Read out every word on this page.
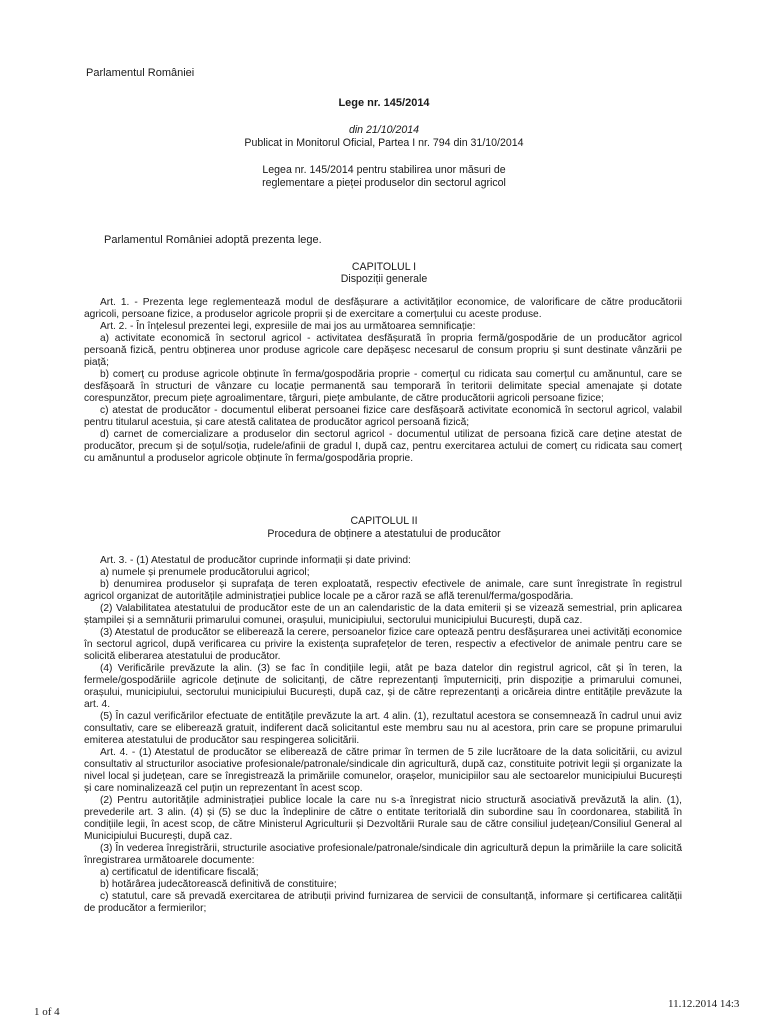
Parlamentul României
Lege nr. 145/2014
din 21/10/2014
Publicat in Monitorul Oficial, Partea I nr. 794 din 31/10/2014
Legea nr. 145/2014 pentru stabilirea unor măsuri de
reglementare a pieței produselor din sectorul agricol
Parlamentul României adoptă prezenta lege.
CAPITOLUL I
Dispoziții generale

Art. 1. - Prezenta lege reglementează modul de desfășurare a activităților economice, de valorificare de către producătorii agricoli, persoane fizice, a produselor agricole proprii și de exercitare a comerțului cu aceste produse.

Art. 2. - În înțelesul prezentei legi, expresiile de mai jos au următoarea semnificație:

a) activitate economică în sectorul agricol - activitatea desfășurată în propria fermă/gospodărie de un producător agricol persoană fizică, pentru obținerea unor produse agricole care depășesc necesarul de consum propriu și sunt destinate vânzării pe piață;

b) comerț cu produse agricole obținute în ferma/gospodăria proprie - comerțul cu ridicata sau comerțul cu amănuntul, care se desfășoară în structuri de vânzare cu locație permanentă sau temporară în teritorii delimitate special amenajate și dotate corespunzător, precum piețe agroalimentare, târguri, piețe ambulante, de către producătorii agricoli persoane fizice;

c) atestat de producător - documentul eliberat persoanei fizice care desfășoară activitate economică în sectorul agricol, valabil pentru titularul acestuia, și care atestă calitatea de producător agricol persoană fizică;

d) carnet de comercializare a produselor din sectorul agricol - documentul utilizat de persoana fizică care deține atestat de producător, precum și de soțul/soția, rudele/afinii de gradul I, după caz, pentru exercitarea actului de comerț cu ridicata sau comerț cu amănuntul a produselor agricole obținute în ferma/gospodăria proprie.

CAPITOLUL II
Procedura de obținere a atestatului de producător

Art. 3. - (1) Atestatul de producător cuprinde informații și date privind:

a) numele și prenumele producătorului agricol;

b) denumirea produselor și suprafața de teren exploatată, respectiv efectivele de animale, care sunt înregistrate în registrul agricol organizat de autoritățile administrației publice locale pe a căror rază se află terenul/ferma/gospodăria.

(2) Valabilitatea atestatului de producător este de un an calendaristic de la data emiterii și se vizează semestrial, prin aplicarea ștampilei și a semnăturii primarului comunei, orașului, municipiului, sectorului municipiului București, după caz.

(3) Atestatul de producător se eliberează la cerere, persoanelor fizice care optează pentru desfășurarea unei activități economice în sectorul agricol, după verificarea cu privire la existența suprafețelor de teren, respectiv a efectivelor de animale pentru care se solicită eliberarea atestatului de producător.

(4) Verificările prevăzute la alin. (3) se fac în condițiile legii, atât pe baza datelor din registrul agricol, cât și în teren, la fermele/gospodăriile agricole deținute de solicitanți, de către reprezentanți împuterniciți, prin dispoziție a primarului comunei, orașului, municipiului, sectorului municipiului București, după caz, și de către reprezentanți a oricăreia dintre entitățile prevăzute la art. 4.

(5) În cazul verificărilor efectuate de entitățile prevăzute la art. 4 alin. (1), rezultatul acestora se consemnează în cadrul unui aviz consultativ, care se eliberează gratuit, indiferent dacă solicitantul este membru sau nu al acestora, prin care se propune primarului emiterea atestatului de producător sau respingerea solicitării.

Art. 4. - (1) Atestatul de producător se eliberează de către primar în termen de 5 zile lucrătoare de la data solicitării, cu avizul consultativ al structurilor asociative profesionale/patronale/sindicale din agricultură, după caz, constituite potrivit legii și organizate la nivel local și județean, care se înregistrează la primăriile comunelor, orașelor, municipiilor sau ale sectoarelor municipiului București și care nominalizează cel puțin un reprezentant în acest scop.

(2) Pentru autoritățile administrației publice locale la care nu s-a înregistrat nicio structură asociativă prevăzută la alin. (1), prevederile art. 3 alin. (4) și (5) se duc la îndeplinire de către o entitate teritorială din subordine sau în coordonarea, stabilită în condițiile legii, în acest scop, de către Ministerul Agriculturii și Dezvoltării Rurale sau de către consiliul județean/Consiliul General al Municipiului București, după caz.

(3) În vederea înregistrării, structurile asociative profesionale/patronale/sindicale din agricultură depun la primăriile la care solicită înregistrarea următoarele documente:

a) certificatul de identificare fiscală;

b) hotărârea judecătorească definitivă de constituire;

c) statutul, care să prevadă exercitarea de atribuții privind furnizarea de servicii de consultanță, informare și certificarea calității de producător a fermierilor;

1 of 4
11.12.2014 14:3
